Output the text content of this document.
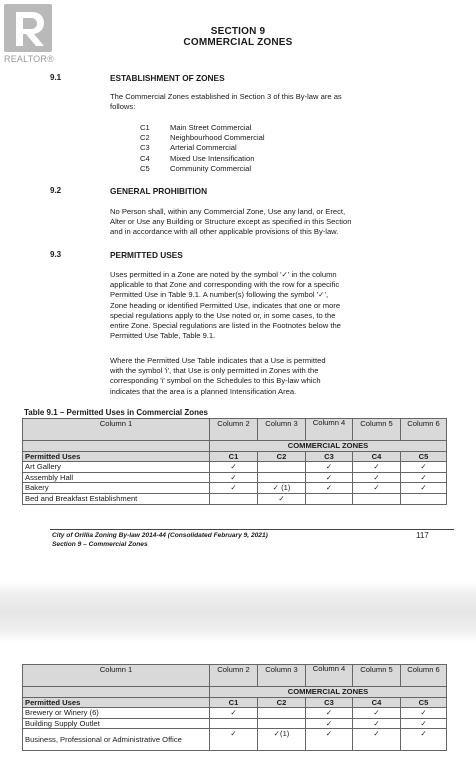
SECTION 9
COMMERCIAL ZONES
9.1	ESTABLISHMENT OF ZONES
The Commercial Zones established in Section 3 of this By-law are as
follows:
C1	Main Street Commercial
C2	Neighbourhood Commercial
C3	Arterial Commercial
C4	Mixed Use Intensification
C5	Community Commercial
9.2	GENERAL PROHIBITION
No Person shall, within any Commercial Zone, Use any land, or Erect,
Alter or Use any Building or Structure except as specified in this Section
and in accordance with all other applicable provisions of this By-law.
9.3	PERMITTED USES
Uses permitted in a Zone are noted by the symbol '✓' in the column
applicable to that Zone and corresponding with the row for a specific
Permitted Use in Table 9.1. A number(s) following the symbol '✓',
Zone heading or identified Permitted Use, indicates that one or more
special regulations apply to the Use noted or, in some cases, to the
entire Zone. Special regulations are listed in the Footnotes below the
Permitted Use Table, Table 9.1.
Where the Permitted Use Table indicates that a Use is permitted
with the symbol 'i', that Use is only permitted in Zones with the
corresponding 'i' symbol on the Schedules to this By-law which
indicates that the area is a planned Intensification Area.
Table 9.1 – Permitted Uses in Commercial Zones
Column 1	Column 2	Column 3	Column 4	Column 5	Column 6
	COMMERCIAL ZONES				
Permitted Uses	C1	C2	C3	C4	C5
Art Gallery	✓		✓	✓	✓
Assembly Hall	✓		✓	✓	✓
Bakery	✓	✓ (1)	✓	✓	✓
Bed and Breakfast Establishment		✓			
City of Orillia Zoning By-law 2014-44 (Consolidated February 9, 2021)
Section 9 – Commercial Zones
117
Column 1	Column 2	Column 3	Column 4	Column 5	Column 6
	COMMERCIAL ZONES				
Permitted Uses	C1	C2	C3	C4	C5
Brewery or Winery (6)	✓		✓	✓	✓
Building Supply Outlet			✓	✓	✓
Business, Professional or Administrative Office	✓	✓(1)	✓	✓	✓
REALTOR®
